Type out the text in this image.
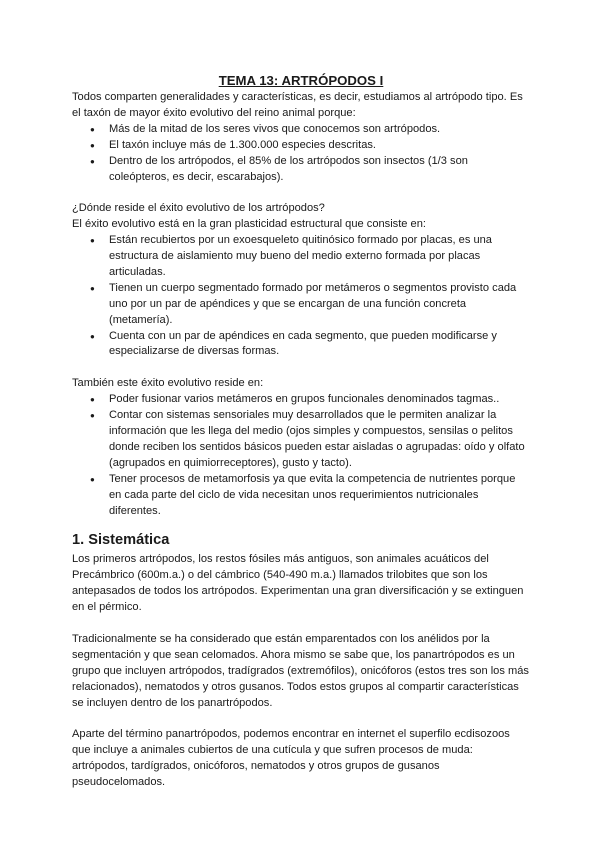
TEMA 13: ARTRÓPODOS I

Todos comparten generalidades y características, es decir, estudiamos al artrópodo tipo. Es el taxón de mayor éxito evolutivo del reino animal porque:

● Más de la mitad de los seres vivos que conocemos son artrópodos.
● El taxón incluye más de 1.300.000 especies descritas.
● Dentro de los artrópodos, el 85% de los artrópodos son insectos (1/3 son coleópteros, es decir, escarabajos).

¿Dónde reside el éxito evolutivo de los artrópodos?

El éxito evolutivo está en la gran plasticidad estructural que consiste en:

● Están recubiertos por un exoesqueleto quitinósico formado por placas, es una estructura de aislamiento muy bueno del medio externo formada por placas articuladas.
● Tienen un cuerpo segmentado formado por metámeros o segmentos provisto cada uno por un par de apéndices y que se encargan de una función concreta (metamería).
● Cuenta con un par de apéndices en cada segmento, que pueden modificarse y especializarse de diversas formas.

También este éxito evolutivo reside en:

● Poder fusionar varios metámeros en grupos funcionales denominados tagmas..
● Contar con sistemas sensoriales muy desarrollados que le permiten analizar la información que les llega del medio (ojos simples y compuestos, sensilas o pelitos donde reciben los sentidos básicos pueden estar aisladas o agrupadas: oído y olfato (agrupados en quimiorreceptores), gusto y tacto).
● Tener procesos de metamorfosis ya que evita la competencia de nutrientes porque en cada parte del ciclo de vida necesitan unos requerimientos nutricionales diferentes.
1. Sistemática

Los primeros artrópodos, los restos fósiles más antiguos, son animales acuáticos del Precámbrico (600m.a.) o del cámbrico (540-490 m.a.) llamados trilobites que son los antepasados de todos los artrópodos. Experimentan una gran diversificación y se extinguen en el pérmico.

Tradicionalmente se ha considerado que están emparentados con los anélidos por la segmentación y que sean celomados. Ahora mismo se sabe que, los panartrópodos es un grupo que incluyen artrópodos, tradígrados (extremófilos), onicóforos (estos tres son los más relacionados), nematodos y otros gusanos. Todos estos grupos al compartir características se incluyen dentro de los panartrópodos.

Aparte del término panartrópodos, podemos encontrar en internet el superfilo ecdisozoos que incluye a animales cubiertos de una cutícula y que sufren procesos de muda: artrópodos, tardígrados, onicóforos, nematodos y otros grupos de gusanos pseudocelomados.
